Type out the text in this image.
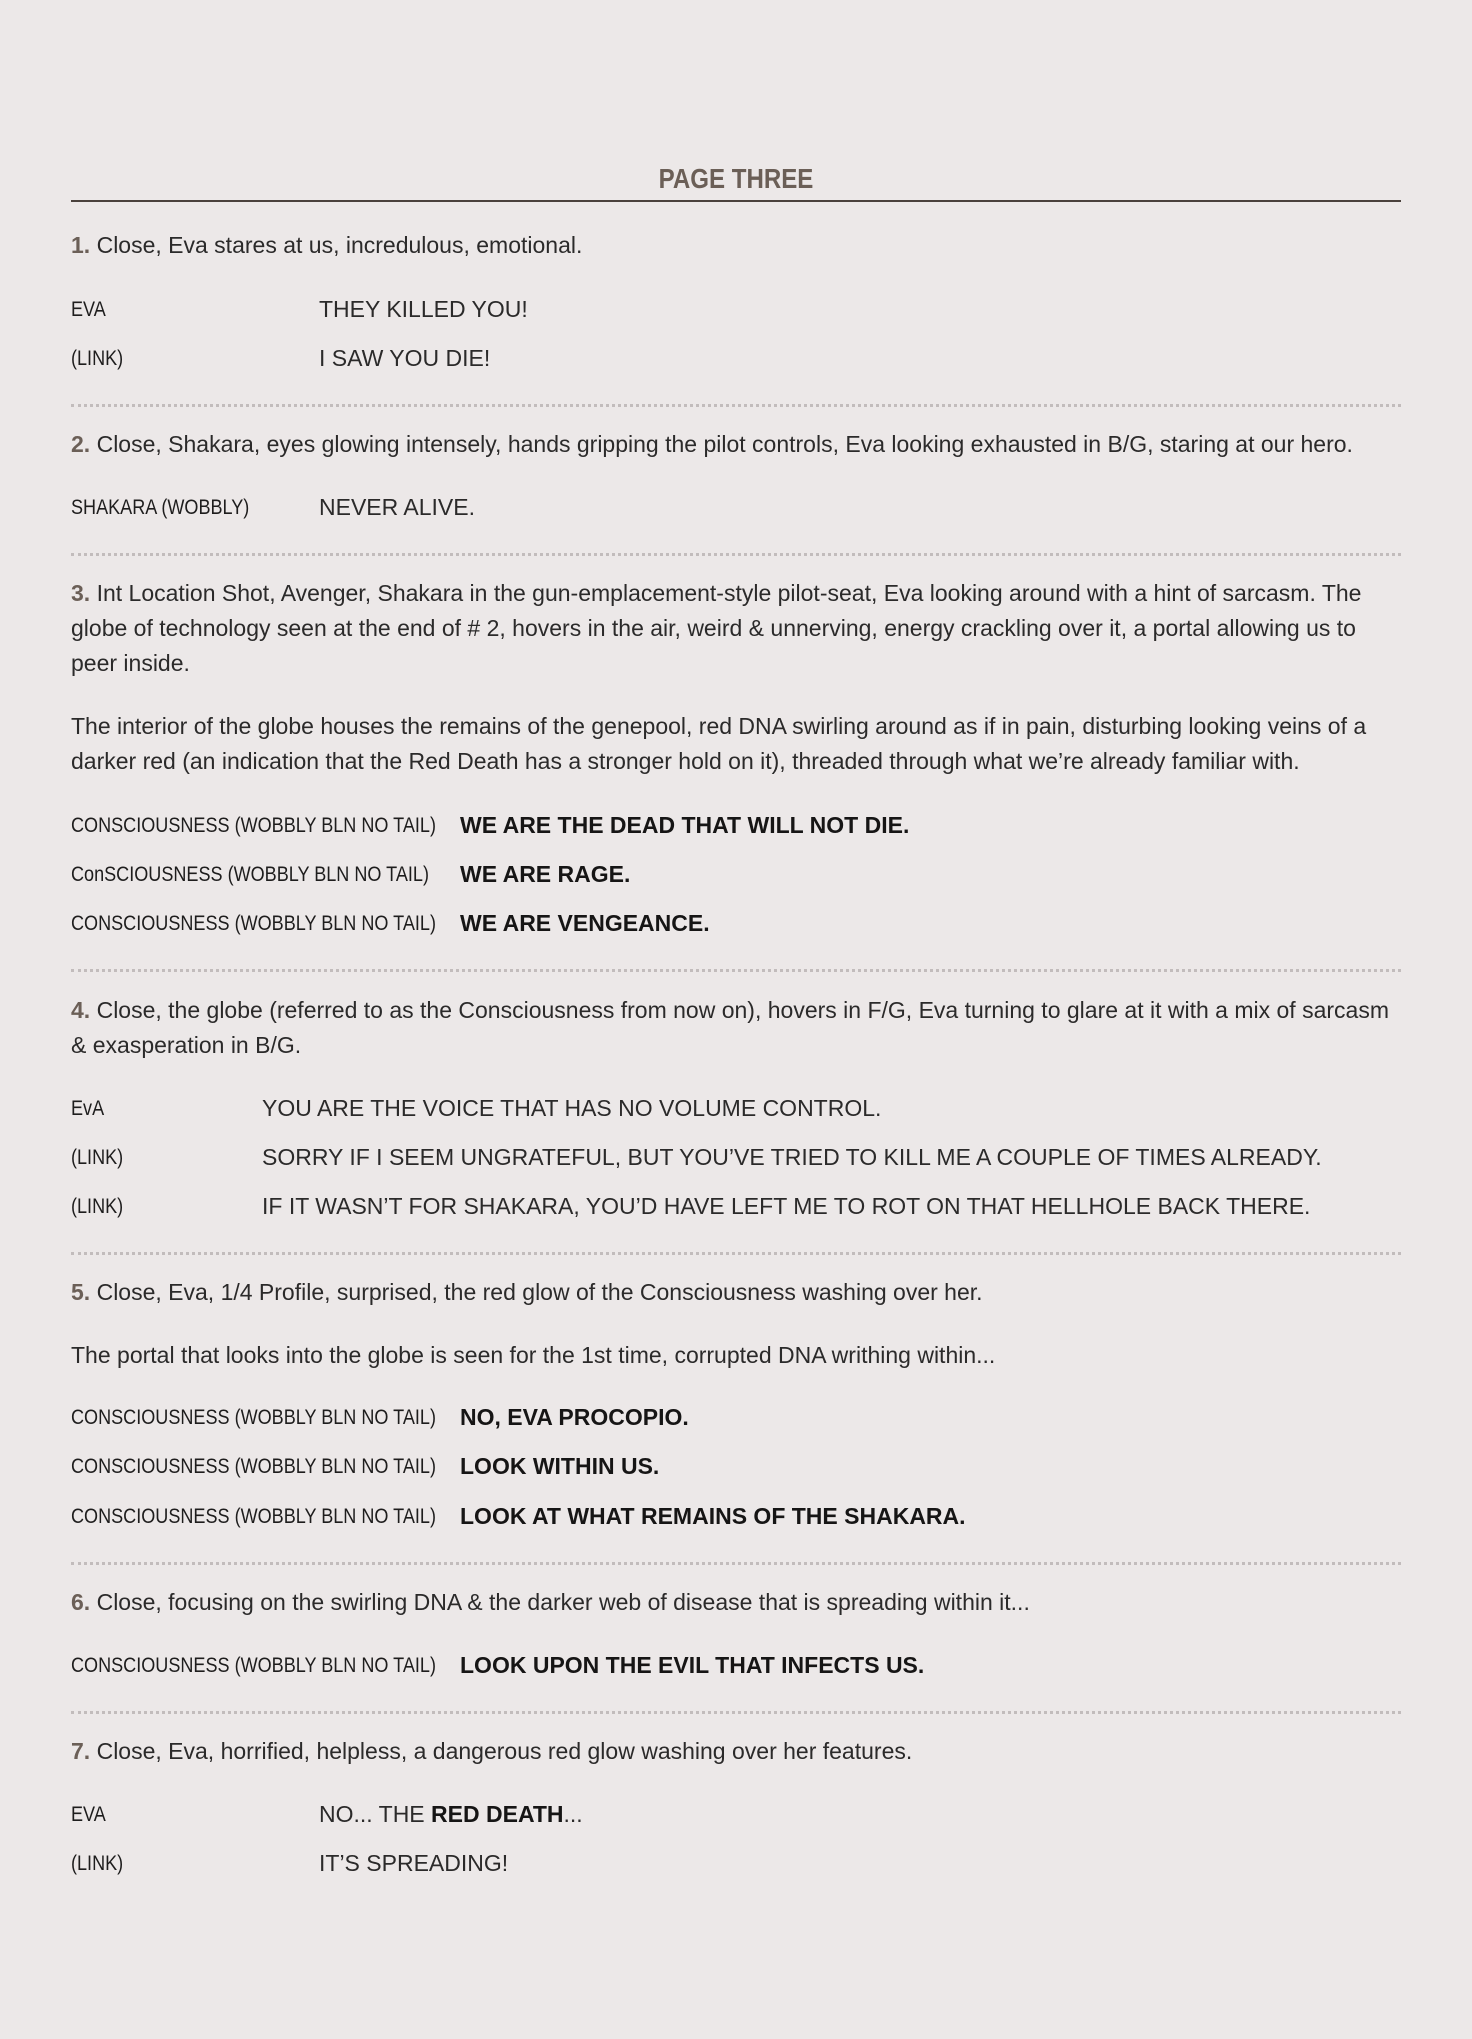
PAGE THREE
1. Close, Eva stares at us, incredulous, emotional.
EVA	THEY KILLED YOU!
(LINK)	I SAW YOU DIE!
2. Close, Shakara, eyes glowing intensely, hands gripping the pilot controls, Eva looking exhausted in B/G, staring at our hero.
SHAKARA (WOBBLY)	NEVER ALIVE.
3. Int Location Shot, Avenger, Shakara in the gun-emplacement-style pilot-seat, Eva looking around with a hint of sarcasm. The globe of technology seen at the end of # 2, hovers in the air, weird & unnerving, energy crackling over it, a portal allowing us to peer inside.
The interior of the globe houses the remains of the genepool, red DNA swirling around as if in pain, disturbing looking veins of a darker red (an indication that the Red Death has a stronger hold on it), threaded through what we’re already familiar with.
CONSCIOUSNESS (WOBBLY BLN NO TAIL) WE ARE THE DEAD THAT WILL NOT DIE.
ConSCIOUSNESS (WOBBLY BLN NO TAIL) WE ARE RAGE.
CONSCIOUSNESS (WOBBLY BLN NO TAIL) WE ARE VENGEANCE.
4. Close, the globe (referred to as the Consciousness from now on), hovers in F/G, Eva turning to glare at it with a mix of sarcasm & exasperation in B/G.
EvA	YOU ARE THE VOICE THAT HAS NO VOLUME CONTROL.
(LINK)	SORRY IF I SEEM UNGRATEFUL, BUT YOU’VE TRIED TO KILL ME A COUPLE OF TIMES ALREADY.
(LINK)	IF IT WASN’T FOR SHAKARA, YOU’D HAVE LEFT ME TO ROT ON THAT HELLHOLE BACK THERE.
5. Close, Eva, 1/4 Profile, surprised, the red glow of the Consciousness washing over her.
The portal that looks into the globe is seen for the 1st time, corrupted DNA writhing within...
CONSCIOUSNESS (WOBBLY BLN NO TAIL) NO, EVA PROCOPIO.
CONSCIOUSNESS (WOBBLY BLN NO TAIL) LOOK WITHIN US.
CONSCIOUSNESS (WOBBLY BLN NO TAIL) LOOK AT WHAT REMAINS OF THE SHAKARA.
6. Close, focusing on the swirling DNA & the darker web of disease that is spreading within it...
CONSCIOUSNESS (WOBBLY BLN NO TAIL) LOOK UPON THE EVIL THAT INFECTS US.
7. Close, Eva, horrified, helpless, a dangerous red glow washing over her features.
EVA	NO... THE RED DEATH...
(LINK)	IT’S SPREADING!
